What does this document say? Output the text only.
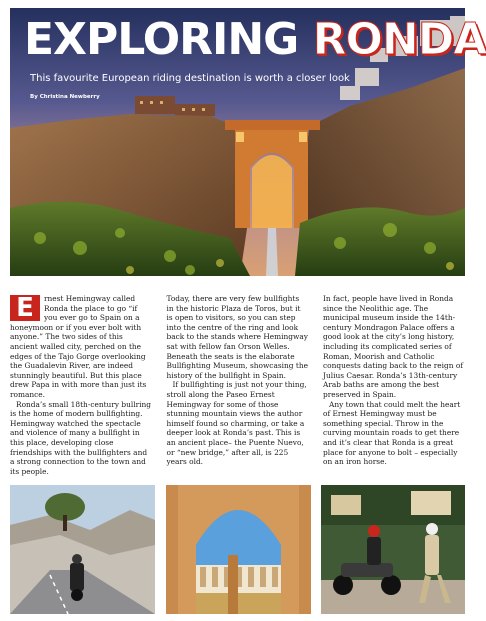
EXPLORING RONDA
This favourite European riding destination is worth a closer look
By Christina Newberry

E	rnest Hemingway called Ronda the place to go “if you ever go to Spain on a honeymoon or if you ever bolt with anyone.” The two sides of this ancient walled city, perched on the edges of the Tajo Gorge overlooking the Guadalevin River, are indeed stunningly beautiful. But this place drew Papa in with more than just its romance.

Ronda’s small 18th-century bullring is the home of modern bullfighting. Hemingway watched the spectacle and violence of many a bullfight in this place, developing close friendships with the bullfighters and a strong connection to the town and its people.

Today, there are very few bullfights in the historic Plaza de Toros, but it is open to visitors, so you can step into the centre of the ring and look back to the stands where Hemingway sat with fellow fan Orson Welles. Beneath the seats is the elaborate Bullfighting Museum, showcasing the history of the bullfight in Spain.

If bullfighting is just not your thing, stroll along the Paseo Ernest Hemingway for some of those stunning mountain views the author himself found so charming, or take a deeper look at Ronda’s past. This is an ancient place– the Puente Nuevo, or “new bridge,” after all, is 225 years old.

In fact, people have lived in Ronda since the Neolithic age. The municipal museum inside the 14th-century Mondragon Palace offers a good look at the city’s long history, including its complicated series of Roman, Moorish and Catholic conquests dating back to the reign of Julius Caesar. Ronda’s 13th-century Arab baths are among the best preserved in Spain.

Any town that could melt the heart of Ernest Hemingway must be something special. Throw in the curving mountain roads to get there and it’s clear that Ronda is a great place for anyone to bolt – especially on an iron horse.
